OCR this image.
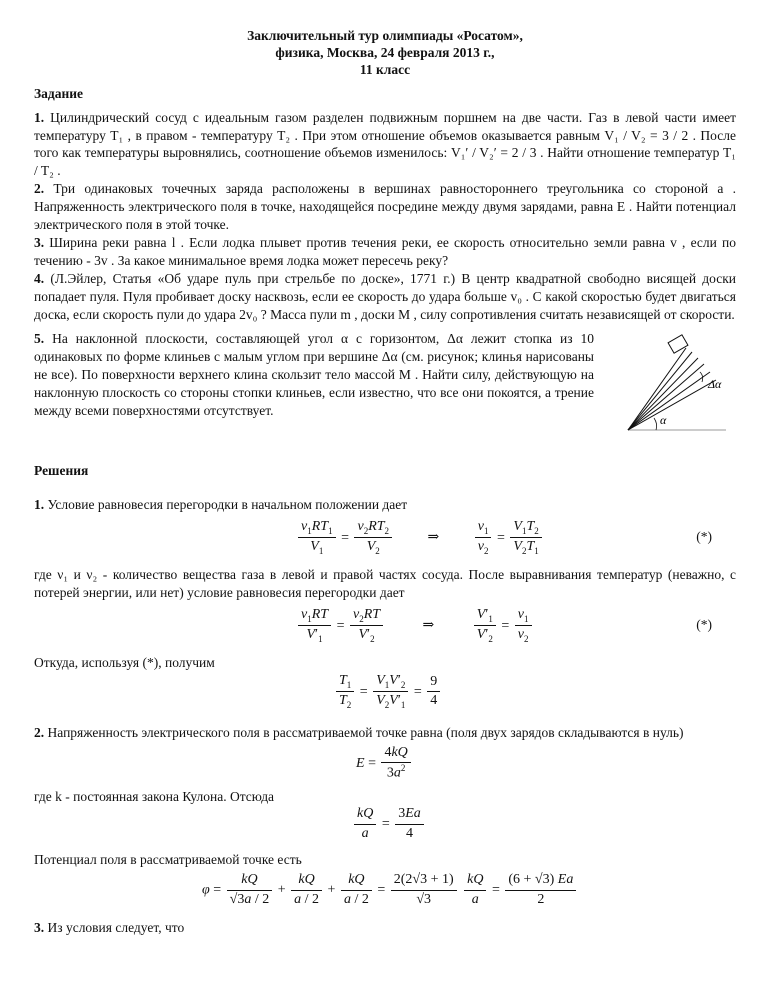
Заключительный тур олимпиады «Росатом»,
физика, Москва, 24 февраля 2013 г.,
11 класс
Задание

1. Цилиндрический сосуд с идеальным газом разделен подвижным поршнем на две части. Газ в левой части имеет температуру T₁ , в правом - температуру T₂ . При этом отношение объемов оказывается равным V₁ / V₂ = 3 / 2 . После того как температуры выровнялись, соотношение объемов изменилось: V₁′ / V₂′ = 2 / 3 . Найти отношение температур T₁ / T₂ .

2. Три одинаковых точечных заряда расположены в вершинах равностороннего треугольника со стороной a . Напряженность электрического поля в точке, находящейся посредине между двумя зарядами, равна E . Найти потенциал электрического поля в этой точке.

3. Ширина реки равна l . Если лодка плывет против течения реки, ее скорость относительно земли равна v , если по течению - 3v . За какое минимальное время лодка может пересечь реку?

4. (Л.Эйлер, Статья «Об ударе пуль при стрельбе по доске», 1771 г.) В центр квадратной свободно висящей доски попадает пуля. Пуля пробивает доску насквозь, если ее скорость до удара больше v₀ . С какой скоростью будет двигаться доска, если скорость пули до удара 2v₀ ? Масса пули m , доски M , силу сопротивления считать независящей от скорости.

5. На наклонной плоскости, составляющей угол α с горизонтом, Δα лежит стопка из 10 одинаковых по форме клиньев с малым углом при вершине Δα (см. рисунок; клинья нарисованы не все). По поверхности верхнего клина скользит тело массой M . Найти силу, действующую на наклонную плоскость со стороны стопки клиньев, если известно, что все они покоятся, а трение между всеми поверхностями отсутствует.

Δα
α
Решения

1. Условие равновесия перегородки в начальном положении дает

$\frac{\nu_1RT_1}{V_1} = \frac{\nu_2RT_2}{V_2}$	⇒	$\frac{\nu_1}{\nu_2} = \frac{V_1T_2}{V_2T_1}$	(*)

где ν₁ и ν₂ - количество вещества газа в левой и правой частях сосуда. После выравнивания температур (неважно, с потерей энергии, или нет) условие равновесия перегородки дает

$\frac{\nu_1RT}{V'_1} = \frac{\nu_2RT}{V'_2}$	⇒	$\frac{V'_1}{V'_2} = \frac{\nu_1}{\nu_2}$	(*)

Откуда, используя (*), получим

$\frac{T_1}{T_2} = \frac{V_1V'_2}{V_2V'_1} = \frac{9}{4}$

2. Напряженность электрического поля в рассматриваемой точке равна (поля двух зарядов складываются в нуль)

$E = \frac{4kQ}{3a^2}$

где k - постоянная закона Кулона. Отсюда

$\frac{kQ}{a} = \frac{3Ea}{4}$

Потенциал поля в рассматриваемой точке есть

$\varphi = \frac{kQ}{√3a / 2} + \frac{kQ}{a / 2} + \frac{kQ}{a / 2} = \frac{2(2√3 + 1)}{√3}$
$\frac{kQ}{a} = \frac{(6 + √3) Ea}{2}$

3. Из условия следует, что
